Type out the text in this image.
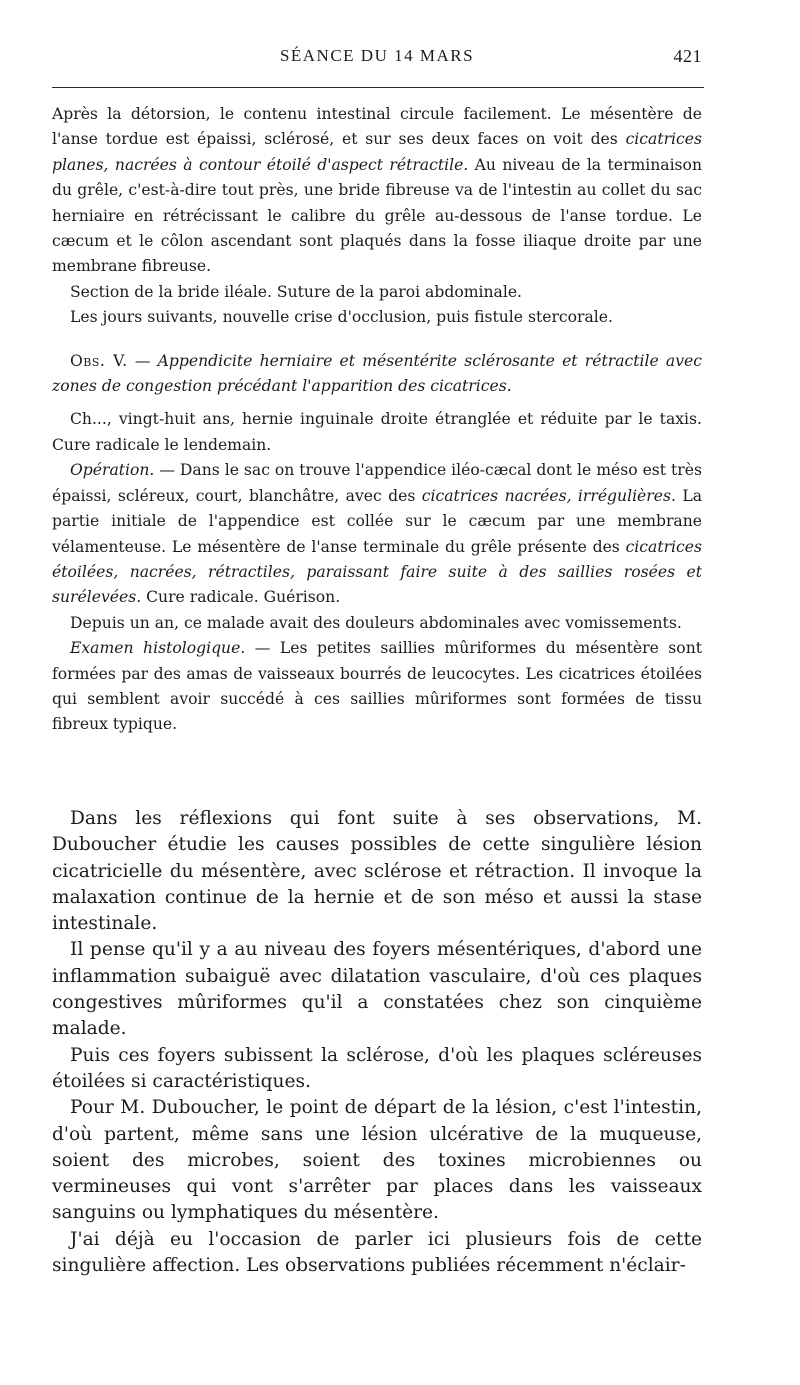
SÉANCE DU 14 MARS	421

Après la détorsion, le contenu intestinal circule facilement. Le mésentère de l'anse tordue est épaissi, sclérosé, et sur ses deux faces on voit des cicatrices planes, nacrées à contour étoilé d'aspect rétractile. Au niveau de la terminaison du grêle, c'est-à-dire tout près, une bride fibreuse va de l'intestin au collet du sac herniaire en rétrécissant le calibre du grêle au-dessous de l'anse tordue. Le cæcum et le côlon ascendant sont plaqués dans la fosse iliaque droite par une membrane fibreuse.

Section de la bride iléale. Suture de la paroi abdominale.

Les jours suivants, nouvelle crise d'occlusion, puis fistule stercorale.

Obs. V. — Appendicite herniaire et mésentérite sclérosante et rétractile avec zones de congestion précédant l'apparition des cicatrices.

Ch..., vingt-huit ans, hernie inguinale droite étranglée et réduite par le taxis. Cure radicale le lendemain.

Opération. — Dans le sac on trouve l'appendice iléo-cæcal dont le méso est très épaissi, scléreux, court, blanchâtre, avec des cicatrices nacrées, irrégulières. La partie initiale de l'appendice est collée sur le cæcum par une membrane vélamenteuse. Le mésentère de l'anse terminale du grêle présente des cicatrices étoilées, nacrées, rétractiles, paraissant faire suite à des saillies rosées et surélevées. Cure radicale. Guérison.

Depuis un an, ce malade avait des douleurs abdominales avec vomissements.

Examen histologique. — Les petites saillies mûriformes du mésentère sont formées par des amas de vaisseaux bourrés de leucocytes. Les cicatrices étoilées qui semblent avoir succédé à ces saillies mûriformes sont formées de tissu fibreux typique.

Dans les réflexions qui font suite à ses observations, M. Duboucher étudie les causes possibles de cette singulière lésion cicatricielle du mésentère, avec sclérose et rétraction. Il invoque la malaxation continue de la hernie et de son méso et aussi la stase intestinale.

Il pense qu'il y a au niveau des foyers mésentériques, d'abord une inflammation subaiguë avec dilatation vasculaire, d'où ces plaques congestives mûriformes qu'il a constatées chez son cinquième malade.

Puis ces foyers subissent la sclérose, d'où les plaques scléreuses étoilées si caractéristiques.

Pour M. Duboucher, le point de départ de la lésion, c'est l'intestin, d'où partent, même sans une lésion ulcérative de la muqueuse, soient des microbes, soient des toxines microbiennes ou vermineuses qui vont s'arrêter par places dans les vaisseaux sanguins ou lymphatiques du mésentère.

J'ai déjà eu l'occasion de parler ici plusieurs fois de cette singulière affection. Les observations publiées récemment n'éclair-
